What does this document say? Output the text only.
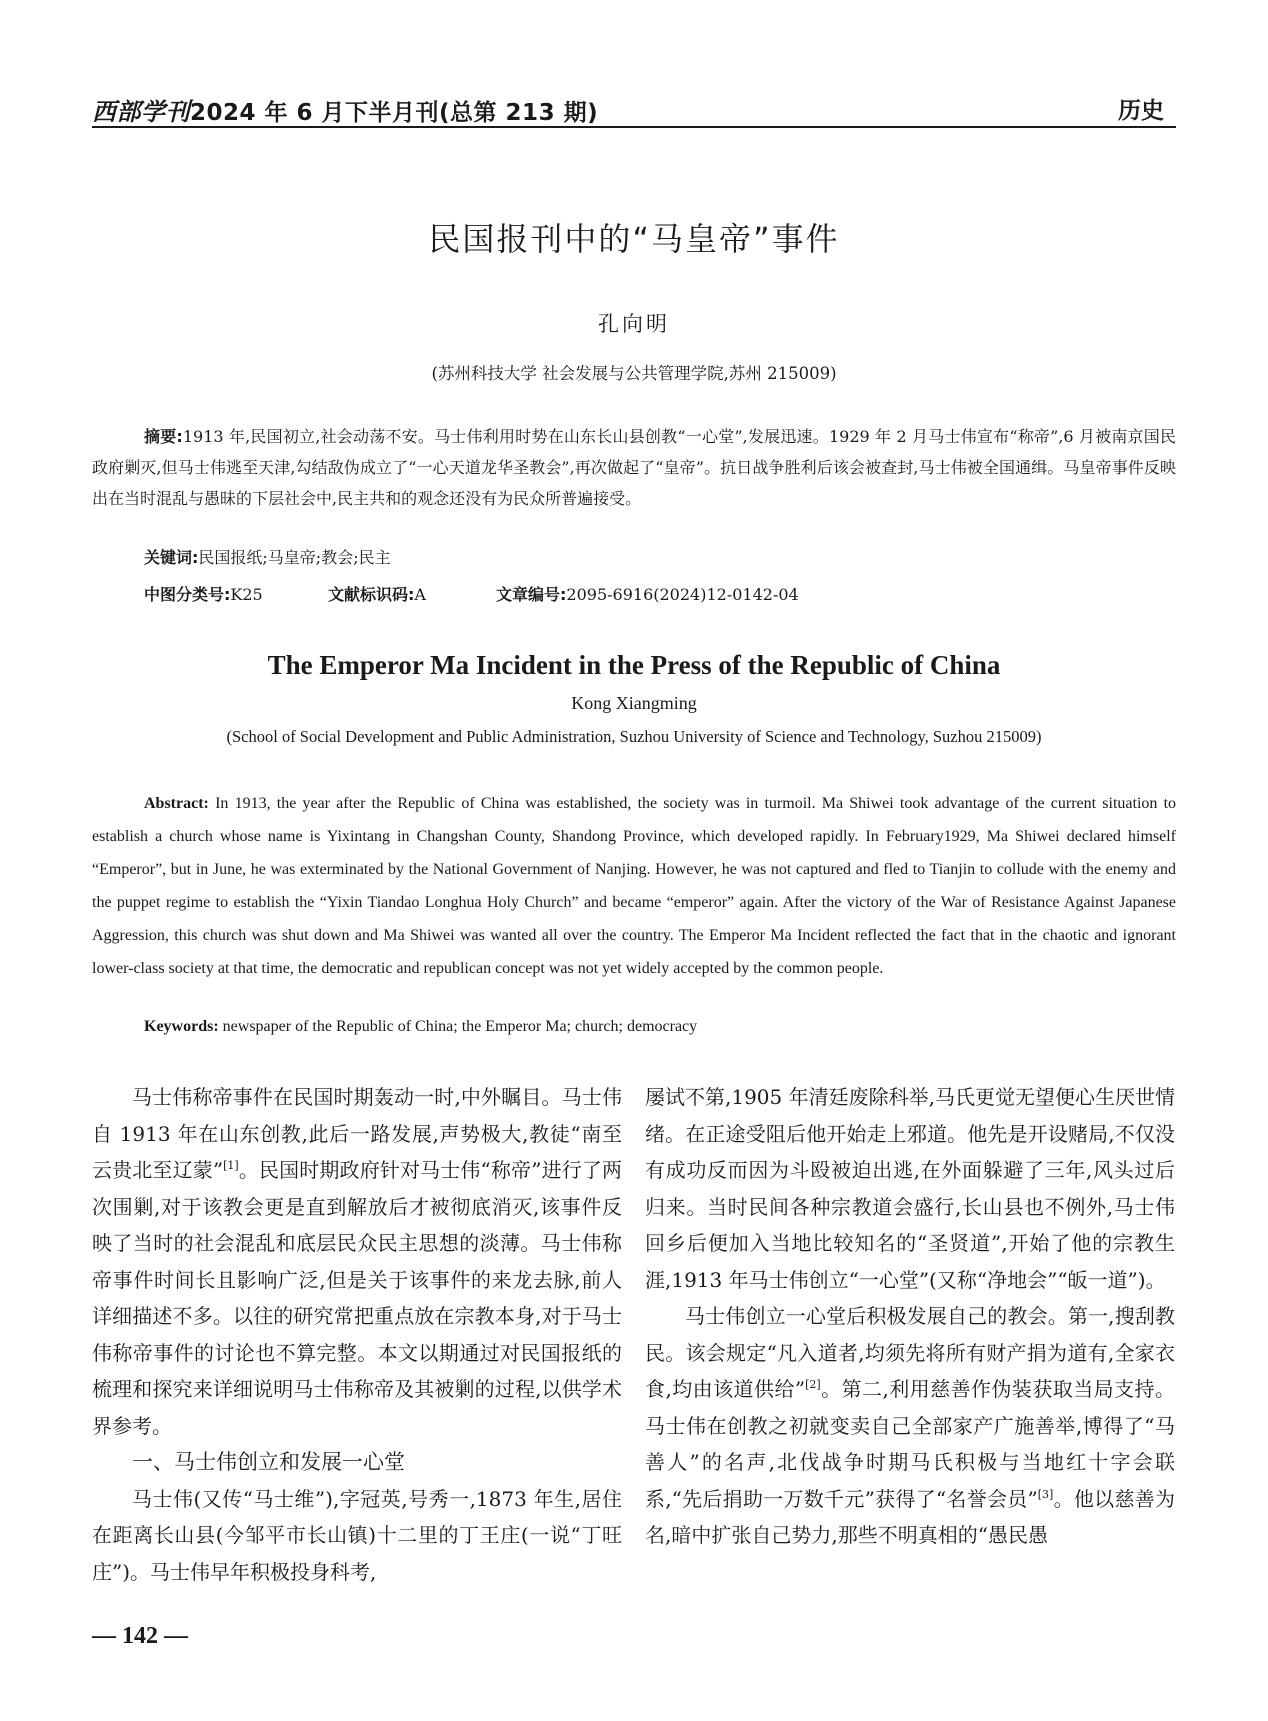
西部学刊2024 年 6 月下半月刊(总第 213 期)	历史
民国报刊中的“马皇帝”事件
孔向明
(苏州科技大学 社会发展与公共管理学院,苏州 215009)
摘要:1913 年,民国初立,社会动荡不安。马士伟利用时势在山东长山县创教“一心堂”,发展迅速。1929 年 2 月马士伟宣布“称帝”,6 月被南京国民政府剿灭,但马士伟逃至天津,勾结敌伪成立了“一心天道龙华圣教会”,再次做起了“皇帝”。抗日战争胜利后该会被查封,马士伟被全国通缉。马皇帝事件反映出在当时混乱与愚昧的下层社会中,民主共和的观念还没有为民众所普遍接受。
关键词:民国报纸;马皇帝;教会;民主
中图分类号:K25	文献标识码:A	文章编号:2095-6916(2024)12-0142-04
The Emperor Ma Incident in the Press of the Republic of China
Kong Xiangming
(School of Social Development and Public Administration, Suzhou University of Science and Technology, Suzhou 215009)
Abstract: In 1913, the year after the Republic of China was established, the society was in turmoil. Ma Shiwei took advantage of the current situation to establish a church whose name is Yixintang in Changshan County, Shandong Province, which developed rapidly. In February1929, Ma Shiwei declared himself “Emperor”, but in June, he was exterminated by the National Government of Nanjing. However, he was not captured and fled to Tianjin to collude with the enemy and the puppet regime to establish the “Yixin Tiandao Longhua Holy Church” and became “emperor” again. After the victory of the War of Resistance Against Japanese Aggression, this church was shut down and Ma Shiwei was wanted all over the country. The Emperor Ma Incident reflected the fact that in the chaotic and ignorant lower-class society at that time, the democratic and republican concept was not yet widely accepted by the common people.
Keywords: newspaper of the Republic of China; the Emperor Ma; church; democracy

马士伟称帝事件在民国时期轰动一时,中外瞩目。马士伟自 1913 年在山东创教,此后一路发展,声势极大,教徒“南至云贵北至辽蒙”[1]。民国时期政府针对马士伟“称帝”进行了两次围剿,对于该教会更是直到解放后才被彻底消灭,该事件反映了当时的社会混乱和底层民众民主思想的淡薄。马士伟称帝事件时间长且影响广泛,但是关于该事件的来龙去脉,前人详细描述不多。以往的研究常把重点放在宗教本身,对于马士伟称帝事件的讨论也不算完整。本文以期通过对民国报纸的梳理和探究来详细说明马士伟称帝及其被剿的过程,以供学术界参考。

一、马士伟创立和发展一心堂

马士伟(又传“马士维”),字冠英,号秀一,1873 年生,居住在距离长山县(今邹平市长山镇)十二里的丁王庄(一说“丁旺庄”)。马士伟早年积极投身科考,

屡试不第,1905 年清廷废除科举,马氏更觉无望便心生厌世情绪。在正途受阻后他开始走上邪道。他先是开设赌局,不仅没有成功反而因为斗殴被迫出逃,在外面躲避了三年,风头过后归来。当时民间各种宗教道会盛行,长山县也不例外,马士伟回乡后便加入当地比较知名的“圣贤道”,开始了他的宗教生涯,1913 年马士伟创立“一心堂”(又称“净地会”“皈一道”)。

马士伟创立一心堂后积极发展自己的教会。第一,搜刮教民。该会规定“凡入道者,均须先将所有财产捐为道有,全家衣食,均由该道供给”[2]。第二,利用慈善作伪装获取当局支持。马士伟在创教之初就变卖自己全部家产广施善举,博得了“马善人”的名声,北伐战争时期马氏积极与当地红十字会联系,“先后捐助一万数千元”获得了“名誉会员”[3]。他以慈善为名,暗中扩张自己势力,那些不明真相的“愚民愚

— 142 —
